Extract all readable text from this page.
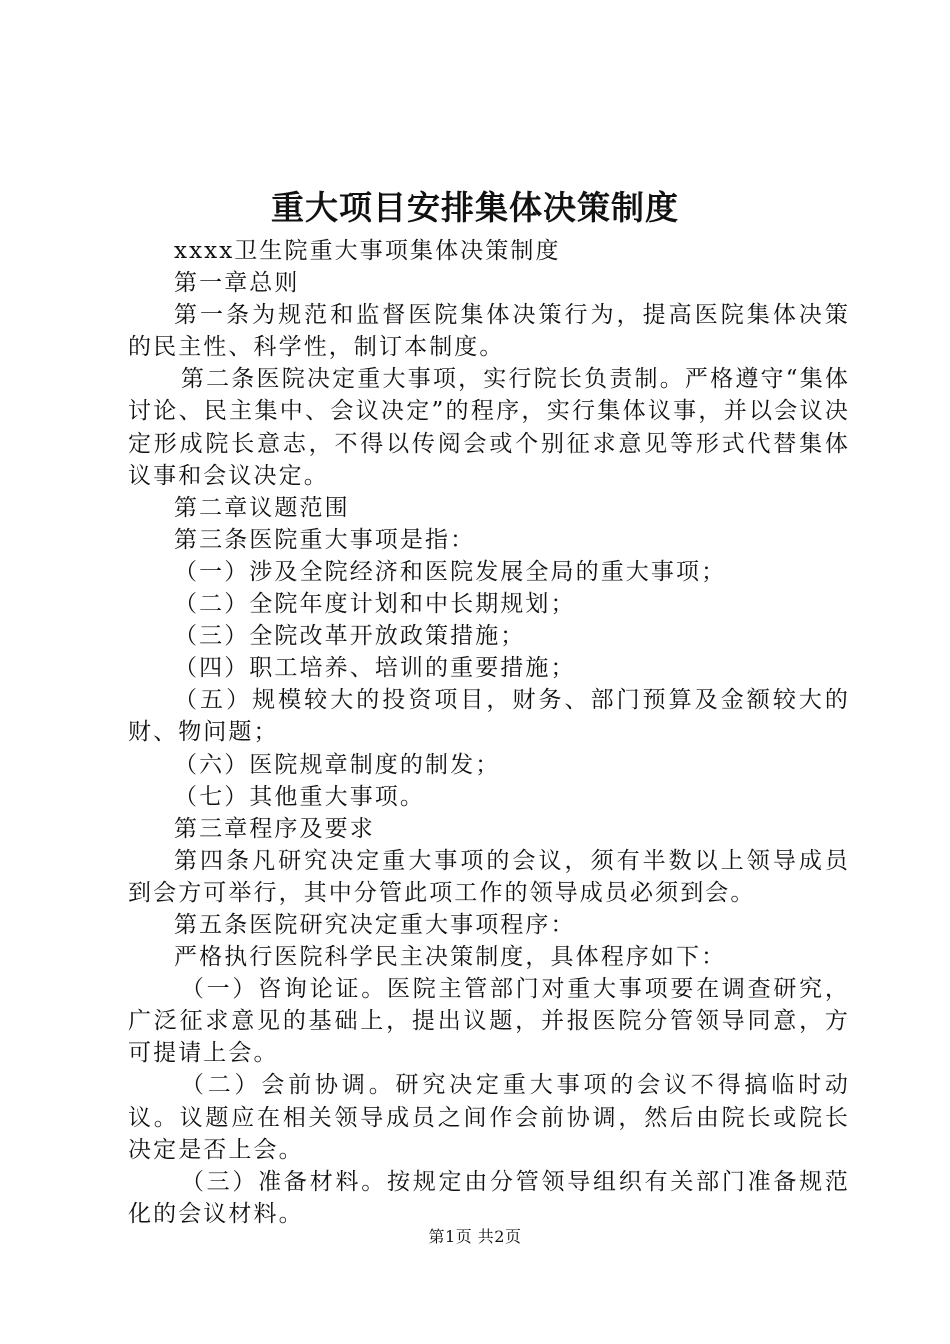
重大项目安排集体决策制度

xxxx卫生院重大事项集体决策制度

第一章总则

第一条为规范和监督医院集体决策行为，提高医院集体决策的民主性、科学性，制订本制度。

第二条医院决定重大事项，实行院长负责制。严格遵守“集体讨论、民主集中、会议决定”的程序，实行集体议事，并以会议决定形成院长意志，不得以传阅会或个别征求意见等形式代替集体议事和会议决定。

第二章议题范围

第三条医院重大事项是指：

（一）涉及全院经济和医院发展全局的重大事项；

（二）全院年度计划和中长期规划；

（三）全院改革开放政策措施；

（四）职工培养、培训的重要措施；

（五）规模较大的投资项目，财务、部门预算及金额较大的财、物问题；

（六）医院规章制度的制发；

（七）其他重大事项。

第三章程序及要求

第四条凡研究决定重大事项的会议，须有半数以上领导成员到会方可举行，其中分管此项工作的领导成员必须到会。

第五条医院研究决定重大事项程序：

严格执行医院科学民主决策制度，具体程序如下：

（一）咨询论证。医院主管部门对重大事项要在调查研究，广泛征求意见的基础上，提出议题，并报医院分管领导同意，方可提请上会。

（二）会前协调。研究决定重大事项的会议不得搞临时动议。议题应在相关领导成员之间作会前协调，然后由院长或院长决定是否上会。

（三）准备材料。按规定由分管领导组织有关部门准备规范化的会议材料。

第1页 共2页
